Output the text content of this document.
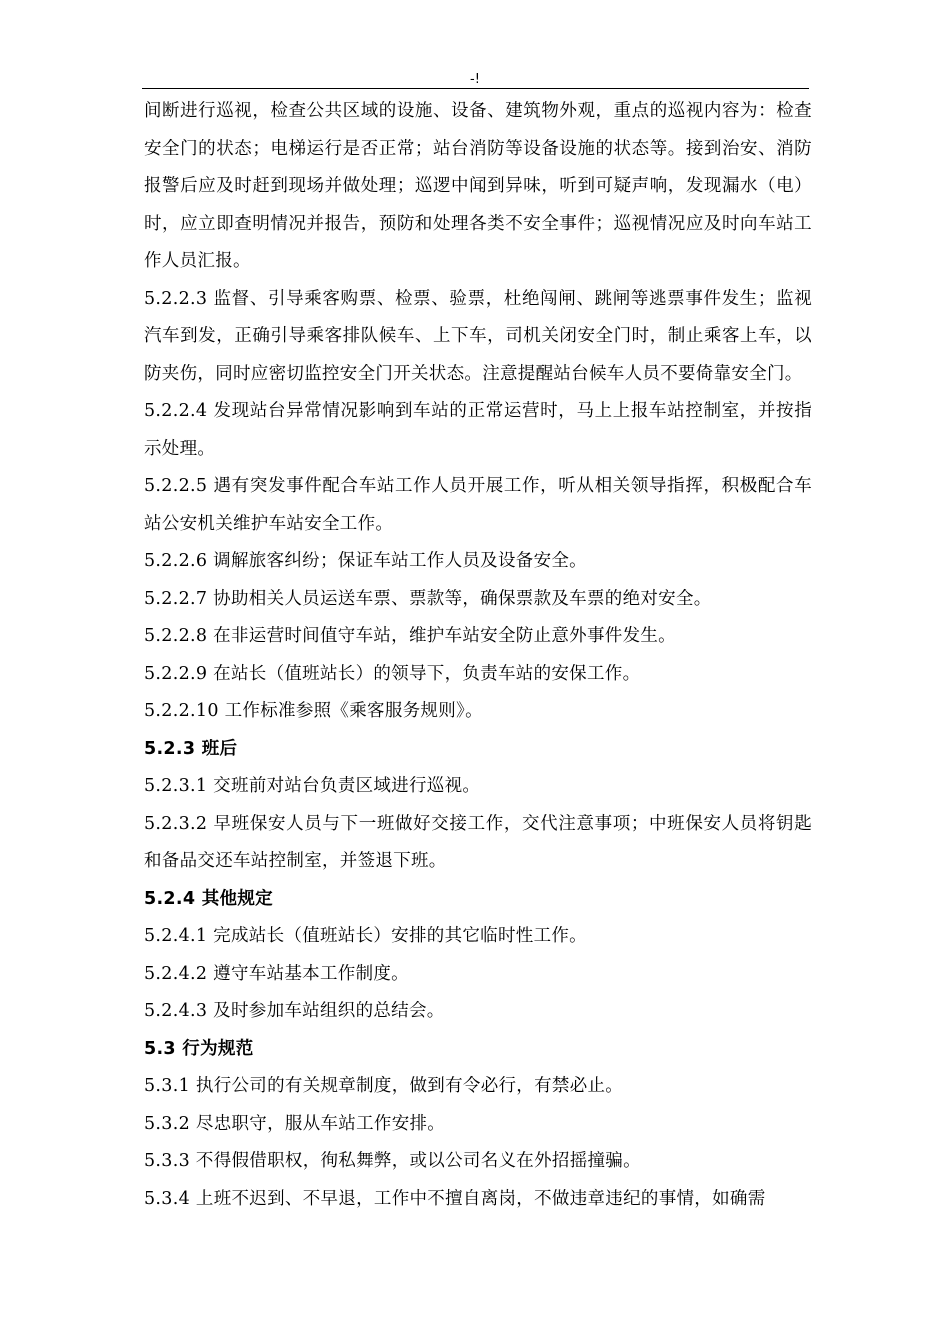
-!

间断进行巡视，检查公共区域的设施、设备、建筑物外观，重点的巡视内容为：检查安全门的状态；电梯运行是否正常；站台消防等设备设施的状态等。接到治安、消防报警后应及时赶到现场并做处理；巡逻中闻到异味，听到可疑声响，发现漏水（电）时，应立即查明情况并报告，预防和处理各类不安全事件；巡视情况应及时向车站工作人员汇报。

5.2.2.3 监督、引导乘客购票、检票、验票，杜绝闯闸、跳闸等逃票事件发生；监视汽车到发，正确引导乘客排队候车、上下车，司机关闭安全门时，制止乘客上车，以防夹伤，同时应密切监控安全门开关状态。注意提醒站台候车人员不要倚靠安全门。

5.2.2.4 发现站台异常情况影响到车站的正常运营时，马上上报车站控制室，并按指示处理。

5.2.2.5 遇有突发事件配合车站工作人员开展工作，听从相关领导指挥，积极配合车站公安机关维护车站安全工作。

5.2.2.6 调解旅客纠纷；保证车站工作人员及设备安全。

5.2.2.7 协助相关人员运送车票、票款等，确保票款及车票的绝对安全。

5.2.2.8 在非运营时间值守车站，维护车站安全防止意外事件发生。

5.2.2.9 在站长（值班站长）的领导下，负责车站的安保工作。

5.2.2.10 工作标准参照《乘客服务规则》。

5.2.3 班后

5.2.3.1 交班前对站台负责区域进行巡视。

5.2.3.2 早班保安人员与下一班做好交接工作，交代注意事项；中班保安人员将钥匙和备品交还车站控制室，并签退下班。

5.2.4 其他规定

5.2.4.1 完成站长（值班站长）安排的其它临时性工作。

5.2.4.2 遵守车站基本工作制度。

5.2.4.3 及时参加车站组织的总结会。

5.3 行为规范

5.3.1 执行公司的有关规章制度，做到有令必行，有禁必止。

5.3.2 尽忠职守，服从车站工作安排。

5.3.3 不得假借职权，徇私舞弊，或以公司名义在外招摇撞骗。

5.3.4 上班不迟到、不早退，工作中不擅自离岗，不做违章违纪的事情，如确需
